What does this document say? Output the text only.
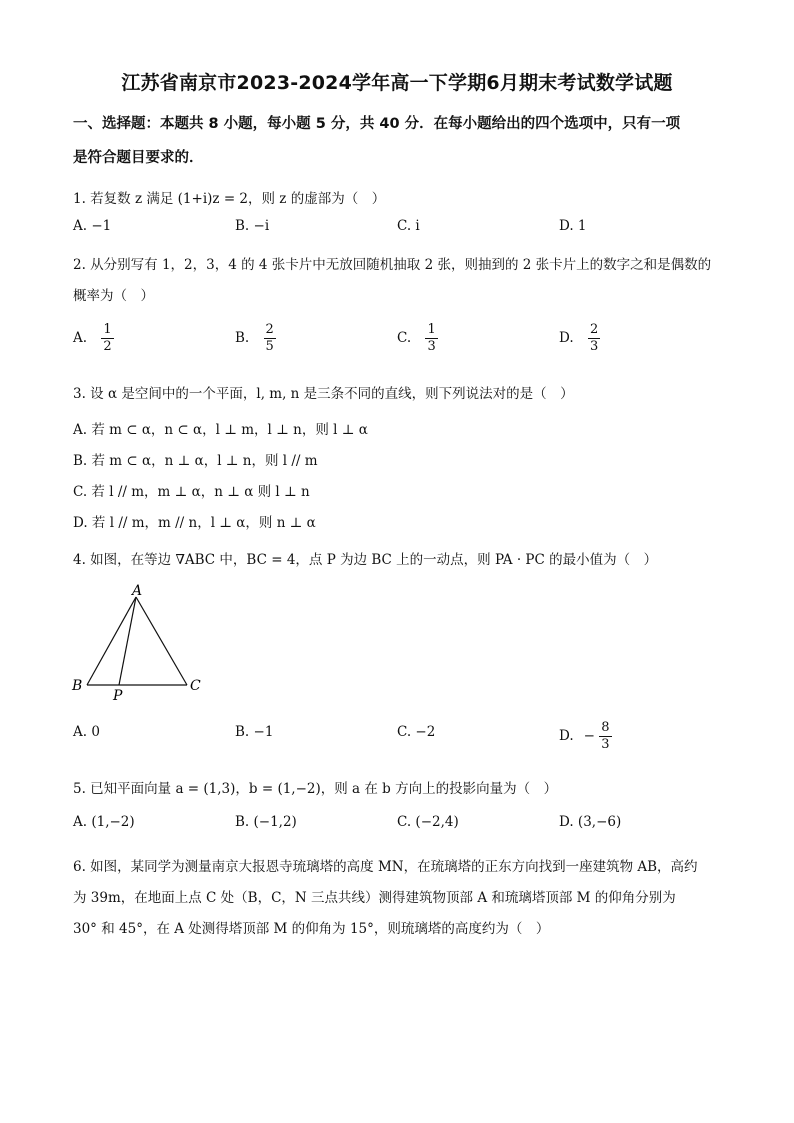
江苏省南京市2023-2024学年高一下学期6月期末考试数学试题
一、选择题：本题共 8 小题，每小题 5 分，共 40 分．在每小题给出的四个选项中，只有一项
是符合题目要求的．
1. 若复数 z 满足 (1+i)z = 2，则 z 的虚部为（　）
A. −1	B. −i	C. i	D. 1
2. 从分别写有 1，2，3，4 的 4 张卡片中无放回随机抽取 2 张，则抽到的 2 张卡片上的数字之和是偶数的
概率为（　）
A. $\frac{1}{2}$	B. $\frac{2}{5}$	C. $\frac{1}{3}$	D. $\frac{2}{3}$
3. 设 α 是空间中的一个平面，l, m, n 是三条不同的直线，则下列说法对的是（　）
A. 若 m ⊂ α，n ⊂ α，l ⊥ m，l ⊥ n，则 l ⊥ α
B. 若 m ⊂ α，n ⊥ α，l ⊥ n，则 l // m
C. 若 l // m，m ⊥ α，n ⊥ α 则 l ⊥ n
D. 若 l // m，m // n，l ⊥ α，则 n ⊥ α
4. 如图，在等边 ∇ABC 中，BC = 4，点 P 为边 BC 上的一动点，则 PA · PC 的最小值为（　）
A
B	C
P
A. 0	B. −1	C. −2	D. − $\frac{8}{3}$
5. 已知平面向量 a = (1,3)，b = (1,−2)，则 a 在 b 方向上的投影向量为（　）
A. (1,−2)	B. (−1,2)	C. (−2,4)	D. (3,−6)
6. 如图，某同学为测量南京大报恩寺琉璃塔的高度 MN，在琉璃塔的正东方向找到一座建筑物 AB，高约
为 39m，在地面上点 C 处（B，C，N 三点共线）测得建筑物顶部 A 和琉璃塔顶部 M 的仰角分别为
30° 和 45°，在 A 处测得塔顶部 M 的仰角为 15°，则琉璃塔的高度约为（　）
